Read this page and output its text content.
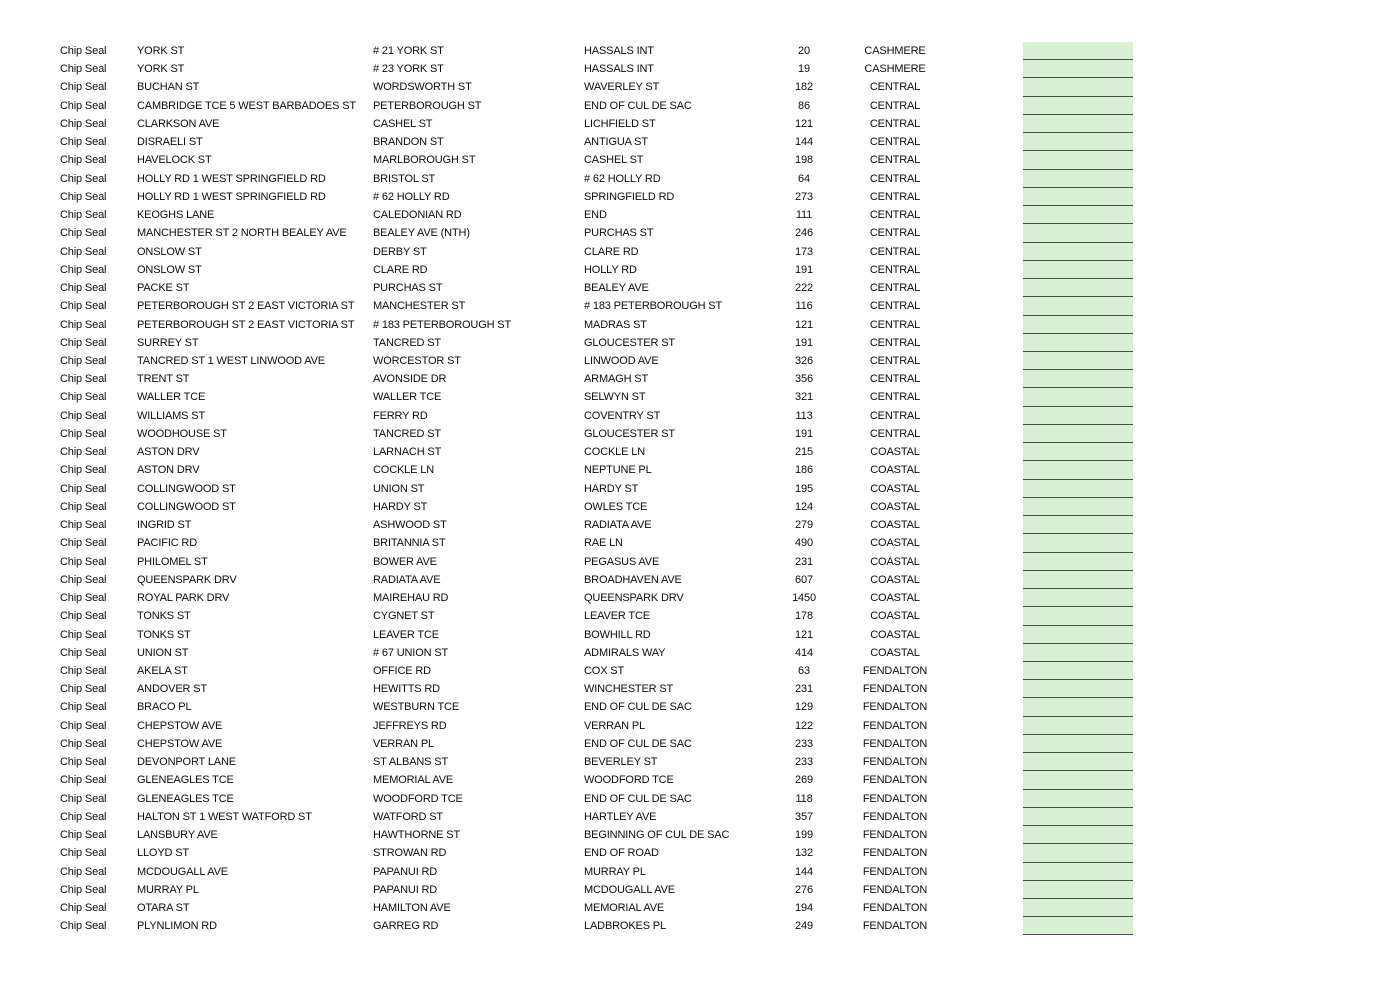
Chip Seal	YORK ST	# 21 YORK ST	HASSALS INT	20	CASHMERE
Chip Seal	YORK ST	# 23 YORK ST	HASSALS INT	19	CASHMERE
Chip Seal	BUCHAN ST	WORDSWORTH ST	WAVERLEY ST	182	CENTRAL
Chip Seal	CAMBRIDGE TCE 5 WEST BARBADOES ST	PETERBOROUGH ST	END OF CUL DE SAC	86	CENTRAL
Chip Seal	CLARKSON AVE	CASHEL ST	LICHFIELD ST	121	CENTRAL
Chip Seal	DISRAELI ST	BRANDON ST	ANTIGUA ST	144	CENTRAL
Chip Seal	HAVELOCK ST	MARLBOROUGH ST	CASHEL ST	198	CENTRAL
Chip Seal	HOLLY RD 1 WEST SPRINGFIELD RD	BRISTOL ST	# 62 HOLLY RD	64	CENTRAL
Chip Seal	HOLLY RD 1 WEST SPRINGFIELD RD	# 62 HOLLY RD	SPRINGFIELD RD	273	CENTRAL
Chip Seal	KEOGHS LANE	CALEDONIAN RD	END	111	CENTRAL
Chip Seal	MANCHESTER ST 2 NORTH BEALEY AVE	BEALEY AVE (NTH)	PURCHAS ST	246	CENTRAL
Chip Seal	ONSLOW ST	DERBY ST	CLARE RD	173	CENTRAL
Chip Seal	ONSLOW ST	CLARE RD	HOLLY RD	191	CENTRAL
Chip Seal	PACKE ST	PURCHAS ST	BEALEY AVE	222	CENTRAL
Chip Seal	PETERBOROUGH ST 2 EAST VICTORIA ST	MANCHESTER ST	# 183 PETERBOROUGH ST	116	CENTRAL
Chip Seal	PETERBOROUGH ST 2 EAST VICTORIA ST	# 183 PETERBOROUGH ST	MADRAS ST	121	CENTRAL
Chip Seal	SURREY ST	TANCRED ST	GLOUCESTER ST	191	CENTRAL
Chip Seal	TANCRED ST 1 WEST LINWOOD AVE	WORCESTOR ST	LINWOOD AVE	326	CENTRAL
Chip Seal	TRENT ST	AVONSIDE DR	ARMAGH ST	356	CENTRAL
Chip Seal	WALLER TCE	WALLER TCE	SELWYN ST	321	CENTRAL
Chip Seal	WILLIAMS ST	FERRY RD	COVENTRY ST	113	CENTRAL
Chip Seal	WOODHOUSE ST	TANCRED ST	GLOUCESTER ST	191	CENTRAL
Chip Seal	ASTON DRV	LARNACH ST	COCKLE LN	215	COASTAL
Chip Seal	ASTON DRV	COCKLE LN	NEPTUNE PL	186	COASTAL
Chip Seal	COLLINGWOOD ST	UNION ST	HARDY ST	195	COASTAL
Chip Seal	COLLINGWOOD ST	HARDY ST	OWLES TCE	124	COASTAL
Chip Seal	INGRID ST	ASHWOOD ST	RADIATA AVE	279	COASTAL
Chip Seal	PACIFIC RD	BRITANNIA ST	RAE LN	490	COASTAL
Chip Seal	PHILOMEL ST	BOWER AVE	PEGASUS AVE	231	COASTAL
Chip Seal	QUEENSPARK DRV	RADIATA AVE	BROADHAVEN AVE	607	COASTAL
Chip Seal	ROYAL PARK DRV	MAIREHAU RD	QUEENSPARK DRV	1450	COASTAL
Chip Seal	TONKS ST	CYGNET ST	LEAVER TCE	178	COASTAL
Chip Seal	TONKS ST	LEAVER TCE	BOWHILL RD	121	COASTAL
Chip Seal	UNION ST	# 67 UNION ST	ADMIRALS WAY	414	COASTAL
Chip Seal	AKELA ST	OFFICE RD	COX ST	63	FENDALTON
Chip Seal	ANDOVER ST	HEWITTS RD	WINCHESTER ST	231	FENDALTON
Chip Seal	BRACO PL	WESTBURN TCE	END OF CUL DE SAC	129	FENDALTON
Chip Seal	CHEPSTOW AVE	JEFFREYS RD	VERRAN PL	122	FENDALTON
Chip Seal	CHEPSTOW AVE	VERRAN PL	END OF CUL DE SAC	233	FENDALTON
Chip Seal	DEVONPORT LANE	ST ALBANS ST	BEVERLEY ST	233	FENDALTON
Chip Seal	GLENEAGLES TCE	MEMORIAL AVE	WOODFORD TCE	269	FENDALTON
Chip Seal	GLENEAGLES TCE	WOODFORD TCE	END OF CUL DE SAC	118	FENDALTON
Chip Seal	HALTON ST 1 WEST WATFORD ST	WATFORD ST	HARTLEY AVE	357	FENDALTON
Chip Seal	LANSBURY AVE	HAWTHORNE ST	BEGINNING OF CUL DE SAC	199	FENDALTON
Chip Seal	LLOYD ST	STROWAN RD	END OF ROAD	132	FENDALTON
Chip Seal	MCDOUGALL AVE	PAPANUI RD	MURRAY PL	144	FENDALTON
Chip Seal	MURRAY PL	PAPANUI RD	MCDOUGALL AVE	276	FENDALTON
Chip Seal	OTARA ST	HAMILTON AVE	MEMORIAL AVE	194	FENDALTON
Chip Seal	PLYNLIMON RD	GARREG RD	LADBROKES PL	249	FENDALTON
